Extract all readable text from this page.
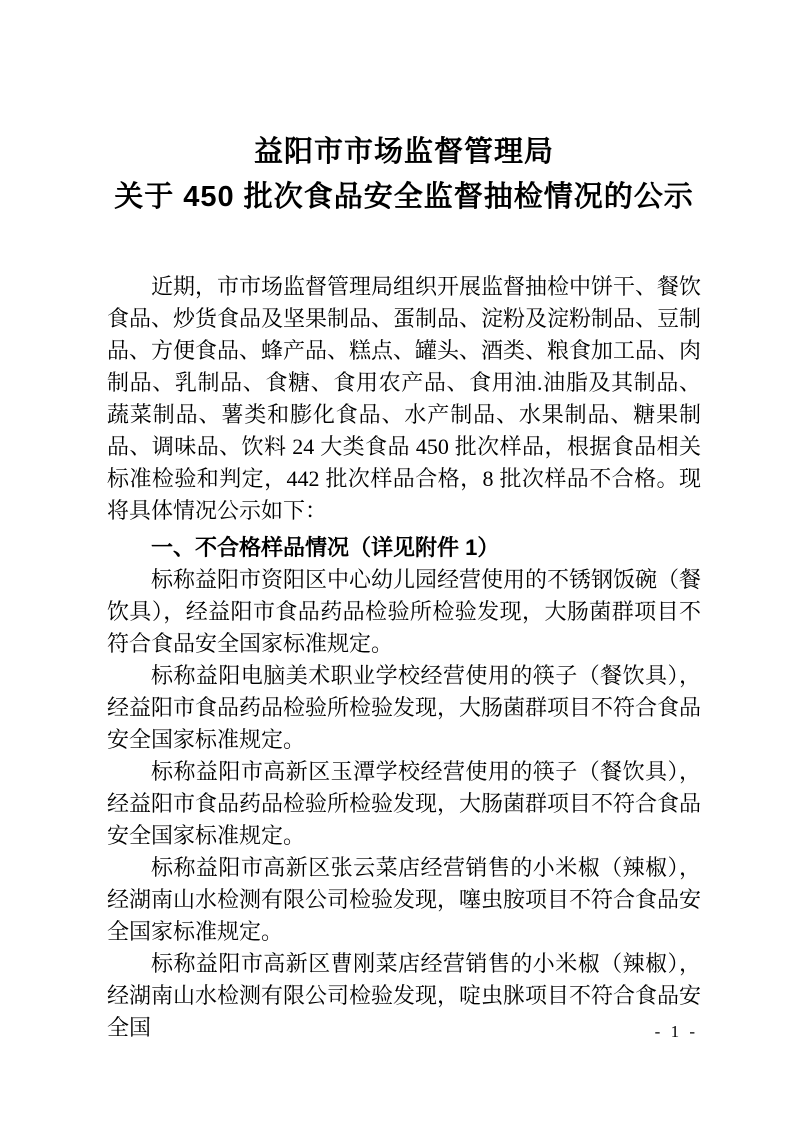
益阳市市场监督管理局
关于 450 批次食品安全监督抽检情况的公示

近期，市市场监督管理局组织开展监督抽检中饼干、餐饮食品、炒货食品及坚果制品、蛋制品、淀粉及淀粉制品、豆制品、方便食品、蜂产品、糕点、罐头、酒类、粮食加工品、肉制品、乳制品、食糖、食用农产品、食用油.油脂及其制品、蔬菜制品、薯类和膨化食品、水产制品、水果制品、糖果制品、调味品、饮料 24 大类食品 450 批次样品，根据食品相关标准检验和判定，442 批次样品合格，8 批次样品不合格。现将具体情况公示如下：

一、不合格样品情况（详见附件 1）

标称益阳市资阳区中心幼儿园经营使用的不锈钢饭碗（餐饮具），经益阳市食品药品检验所检验发现，大肠菌群项目不符合食品安全国家标准规定。

标称益阳电脑美术职业学校经营使用的筷子（餐饮具），经益阳市食品药品检验所检验发现，大肠菌群项目不符合食品安全国家标准规定。

标称益阳市高新区玉潭学校经营使用的筷子（餐饮具），经益阳市食品药品检验所检验发现，大肠菌群项目不符合食品安全国家标准规定。

标称益阳市高新区张云菜店经营销售的小米椒（辣椒），经湖南山水检测有限公司检验发现，噻虫胺项目不符合食品安全国家标准规定。

标称益阳市高新区曹刚菜店经营销售的小米椒（辣椒），经湖南山水检测有限公司检验发现，啶虫脒项目不符合食品安全国	- 1 -
